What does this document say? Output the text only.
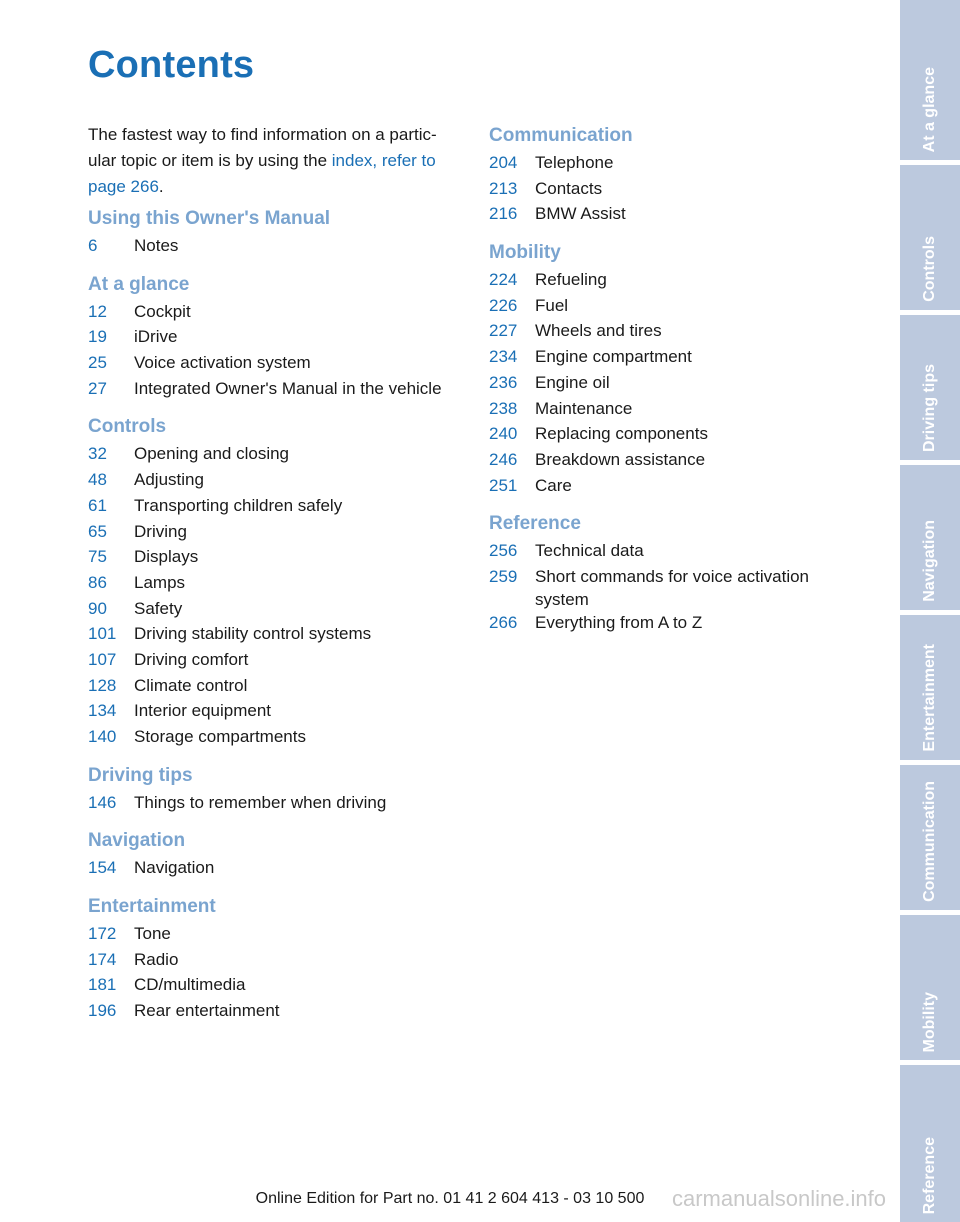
Contents

The fastest way to find information on a partic-
ular topic or item is by using the index, refer to
page 266.

Using this Owner's Manual
6	Notes
At a glance
12	Cockpit
19	iDrive
25	Voice activation system
27	Integrated Owner's Manual in the vehicle
Controls
32	Opening and closing
48	Adjusting
61	Transporting children safely
65	Driving
75	Displays
86	Lamps
90	Safety
101	Driving stability control systems
107	Driving comfort
128	Climate control
134	Interior equipment
140	Storage compartments
Driving tips
146	Things to remember when driving
Navigation
154	Navigation
Entertainment
172	Tone
174	Radio
181	CD/multimedia
196	Rear entertainment
Communication
204	Telephone
213	Contacts
216	BMW Assist
Mobility
224	Refueling
226	Fuel
227	Wheels and tires
234	Engine compartment
236	Engine oil
238	Maintenance
240	Replacing components
246	Breakdown assistance
251	Care
Reference
256	Technical data
259	Short commands for voice activation system
266	Everything from A to Z
At a glance
Controls
Driving tips
Navigation
Entertainment
Communication
Mobility
Reference
Online Edition for Part no. 01 41 2 604 413 - 03 10 500	carmanualsonline.info
